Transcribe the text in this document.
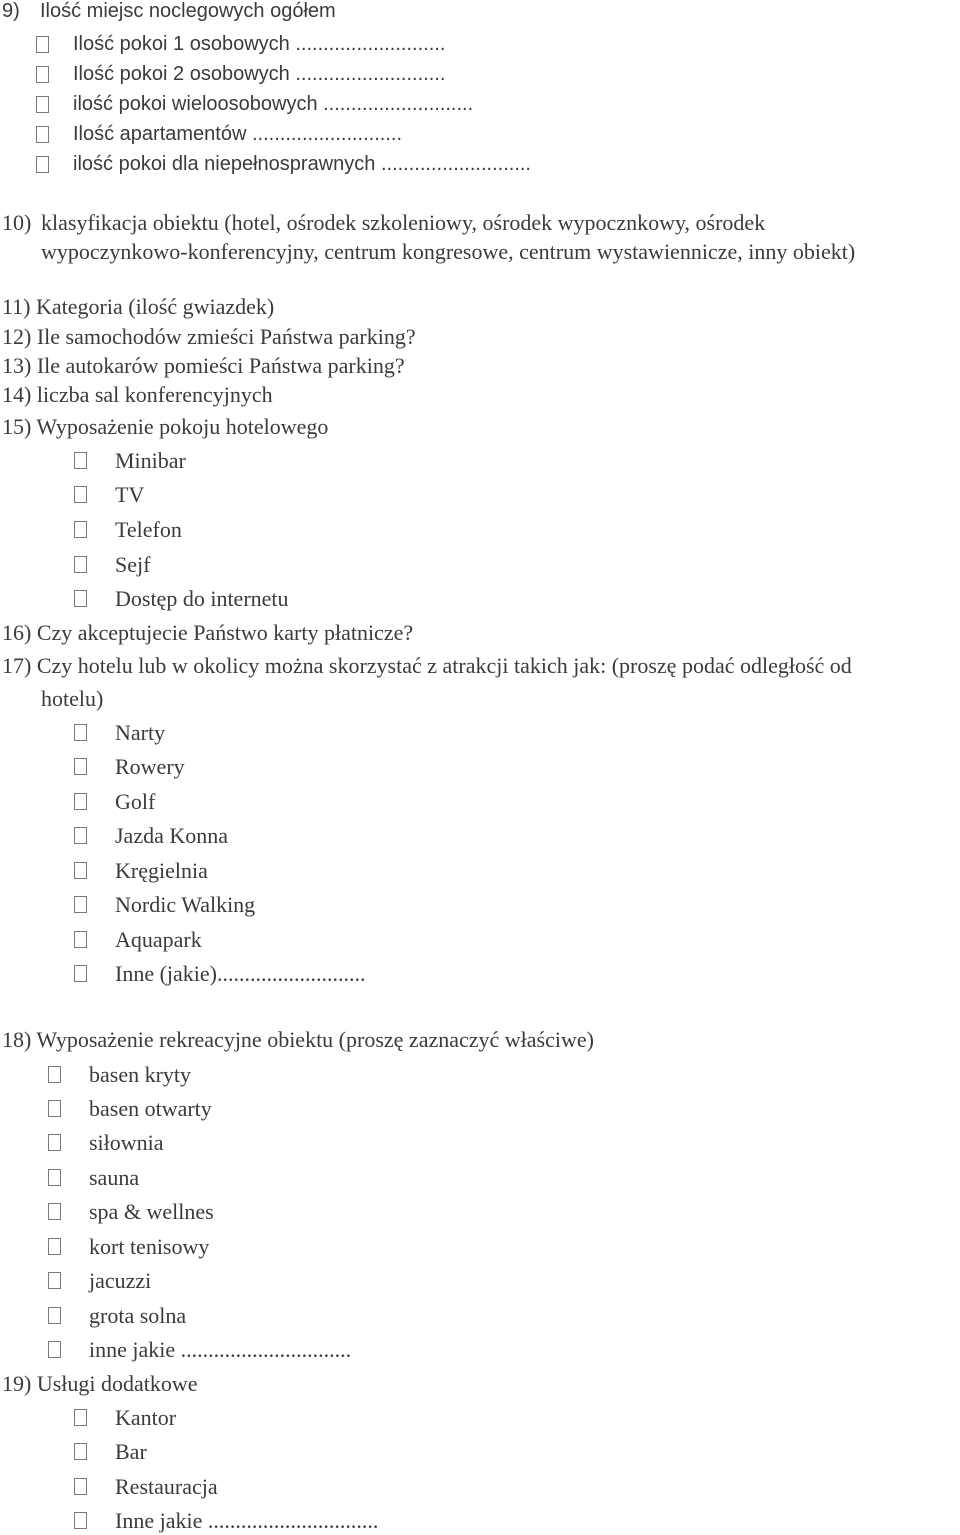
9) Ilość miejsc noclegowych ogółem
Ilość pokoi 1 osobowych ...........................
Ilość pokoi 2 osobowych ...........................
ilość pokoi wieloosobowych ...........................
Ilość apartamentów ...........................
ilość pokoi dla niepełnosprawnych ...........................
10) klasyfikacja obiektu (hotel, ośrodek szkoleniowy, ośrodek wypocznkowy, ośrodek
wypoczynkowo-konferencyjny, centrum kongresowe, centrum wystawiennicze, inny obiekt)
11) Kategoria (ilość gwiazdek)
12) Ile samochodów zmieści Państwa parking?
13) Ile autokarów pomieści Państwa parking?
14) liczba sal konferencyjnych
15) Wyposażenie pokoju hotelowego
Minibar
TV
Telefon
Sejf
Dostęp do internetu
16) Czy akceptujecie Państwo karty płatnicze?
17) Czy hotelu lub w okolicy można skorzystać z atrakcji takich jak: (proszę podać odległość od
hotelu)
Narty
Rowery
Golf
Jazda Konna
Kręgielnia
Nordic Walking
Aquapark
Inne (jakie)...........................
18) Wyposażenie rekreacyjne obiektu (proszę zaznaczyć właściwe)
basen kryty
basen otwarty
siłownia
sauna
spa & wellnes
kort tenisowy
jacuzzi
grota solna
inne jakie ...............................
19) Usługi dodatkowe
Kantor
Bar
Restauracja
Inne jakie ...............................
